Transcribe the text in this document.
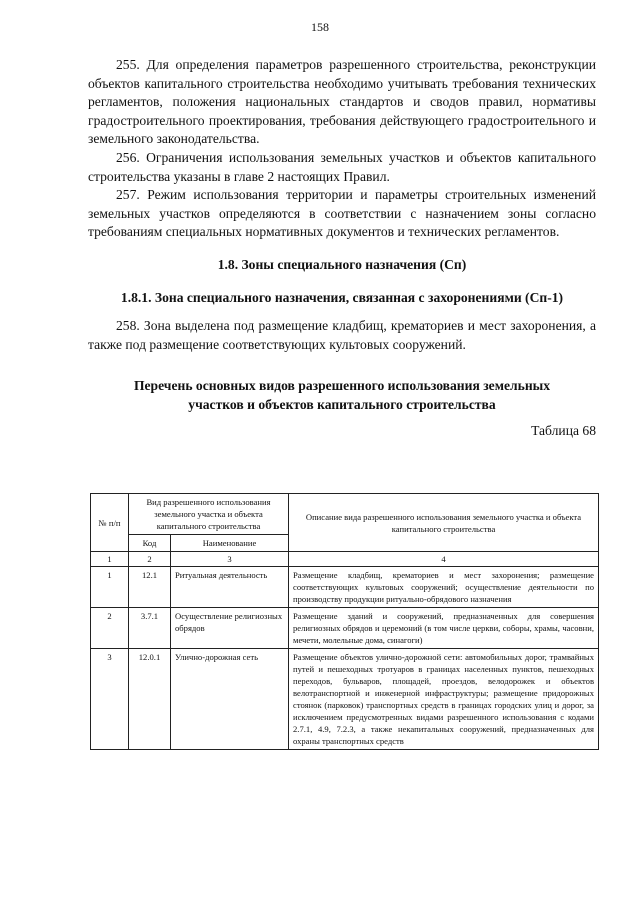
158

255. Для определения параметров разрешенного строительства, реконструкции объектов капитального строительства необходимо учитывать требования технических регламентов, положения национальных стандартов и сводов правил, нормативы градостроительного проектирования, требования действующего градостроительного и земельного законодательства.

256. Ограничения использования земельных участков и объектов капитального строительства указаны в главе 2 настоящих Правил.

257. Режим использования территории и параметры строительных изменений земельных участков определяются в соответствии с назначением зоны согласно требованиям специальных нормативных документов и технических регламентов.

1.8. Зоны специального назначения (Сп)

1.8.1. Зона специального назначения, связанная с захоронениями (Сп-1)

258. Зона выделена под размещение кладбищ, крематориев и мест захоронения, а также под размещение соответствующих культовых сооружений.

Перечень основных видов разрешенного использования земельных
участков и объектов капитального строительства

Таблица 68

№ п/п	Вид разрешенного использования земельного участка и объекта капитального строительства		Описание вида разрешенного использования земельного участка и объекта капитального строительства
	Код	Наименование	
1	2	3	4
1	12.1	Ритуальная деятельность	Размещение кладбищ, крематориев и мест захоронения; размещение соответствующих культовых сооружений; осуществление деятельности по производству продукции ритуально-обрядового назначения
2	3.7.1	Осуществление религиозных обрядов	Размещение зданий и сооружений, предназначенных для совершения религиозных обрядов и церемоний (в том числе церкви, соборы, храмы, часовни, мечети, молельные дома, синагоги)
3	12.0.1	Улично-дорожная сеть	Размещение объектов улично-дорожной сети: автомобильных дорог, трамвайных путей и пешеходных тротуаров в границах населенных пунктов, пешеходных переходов, бульваров, площадей, проездов, велодорожек и объектов велотранспортной и инженерной инфраструктуры; размещение придорожных стоянок (парковок) транспортных средств в границах городских улиц и дорог, за исключением предусмотренных видами разрешенного использования с кодами 2.7.1, 4.9, 7.2.3, а также некапитальных сооружений, предназначенных для охраны транспортных средств
